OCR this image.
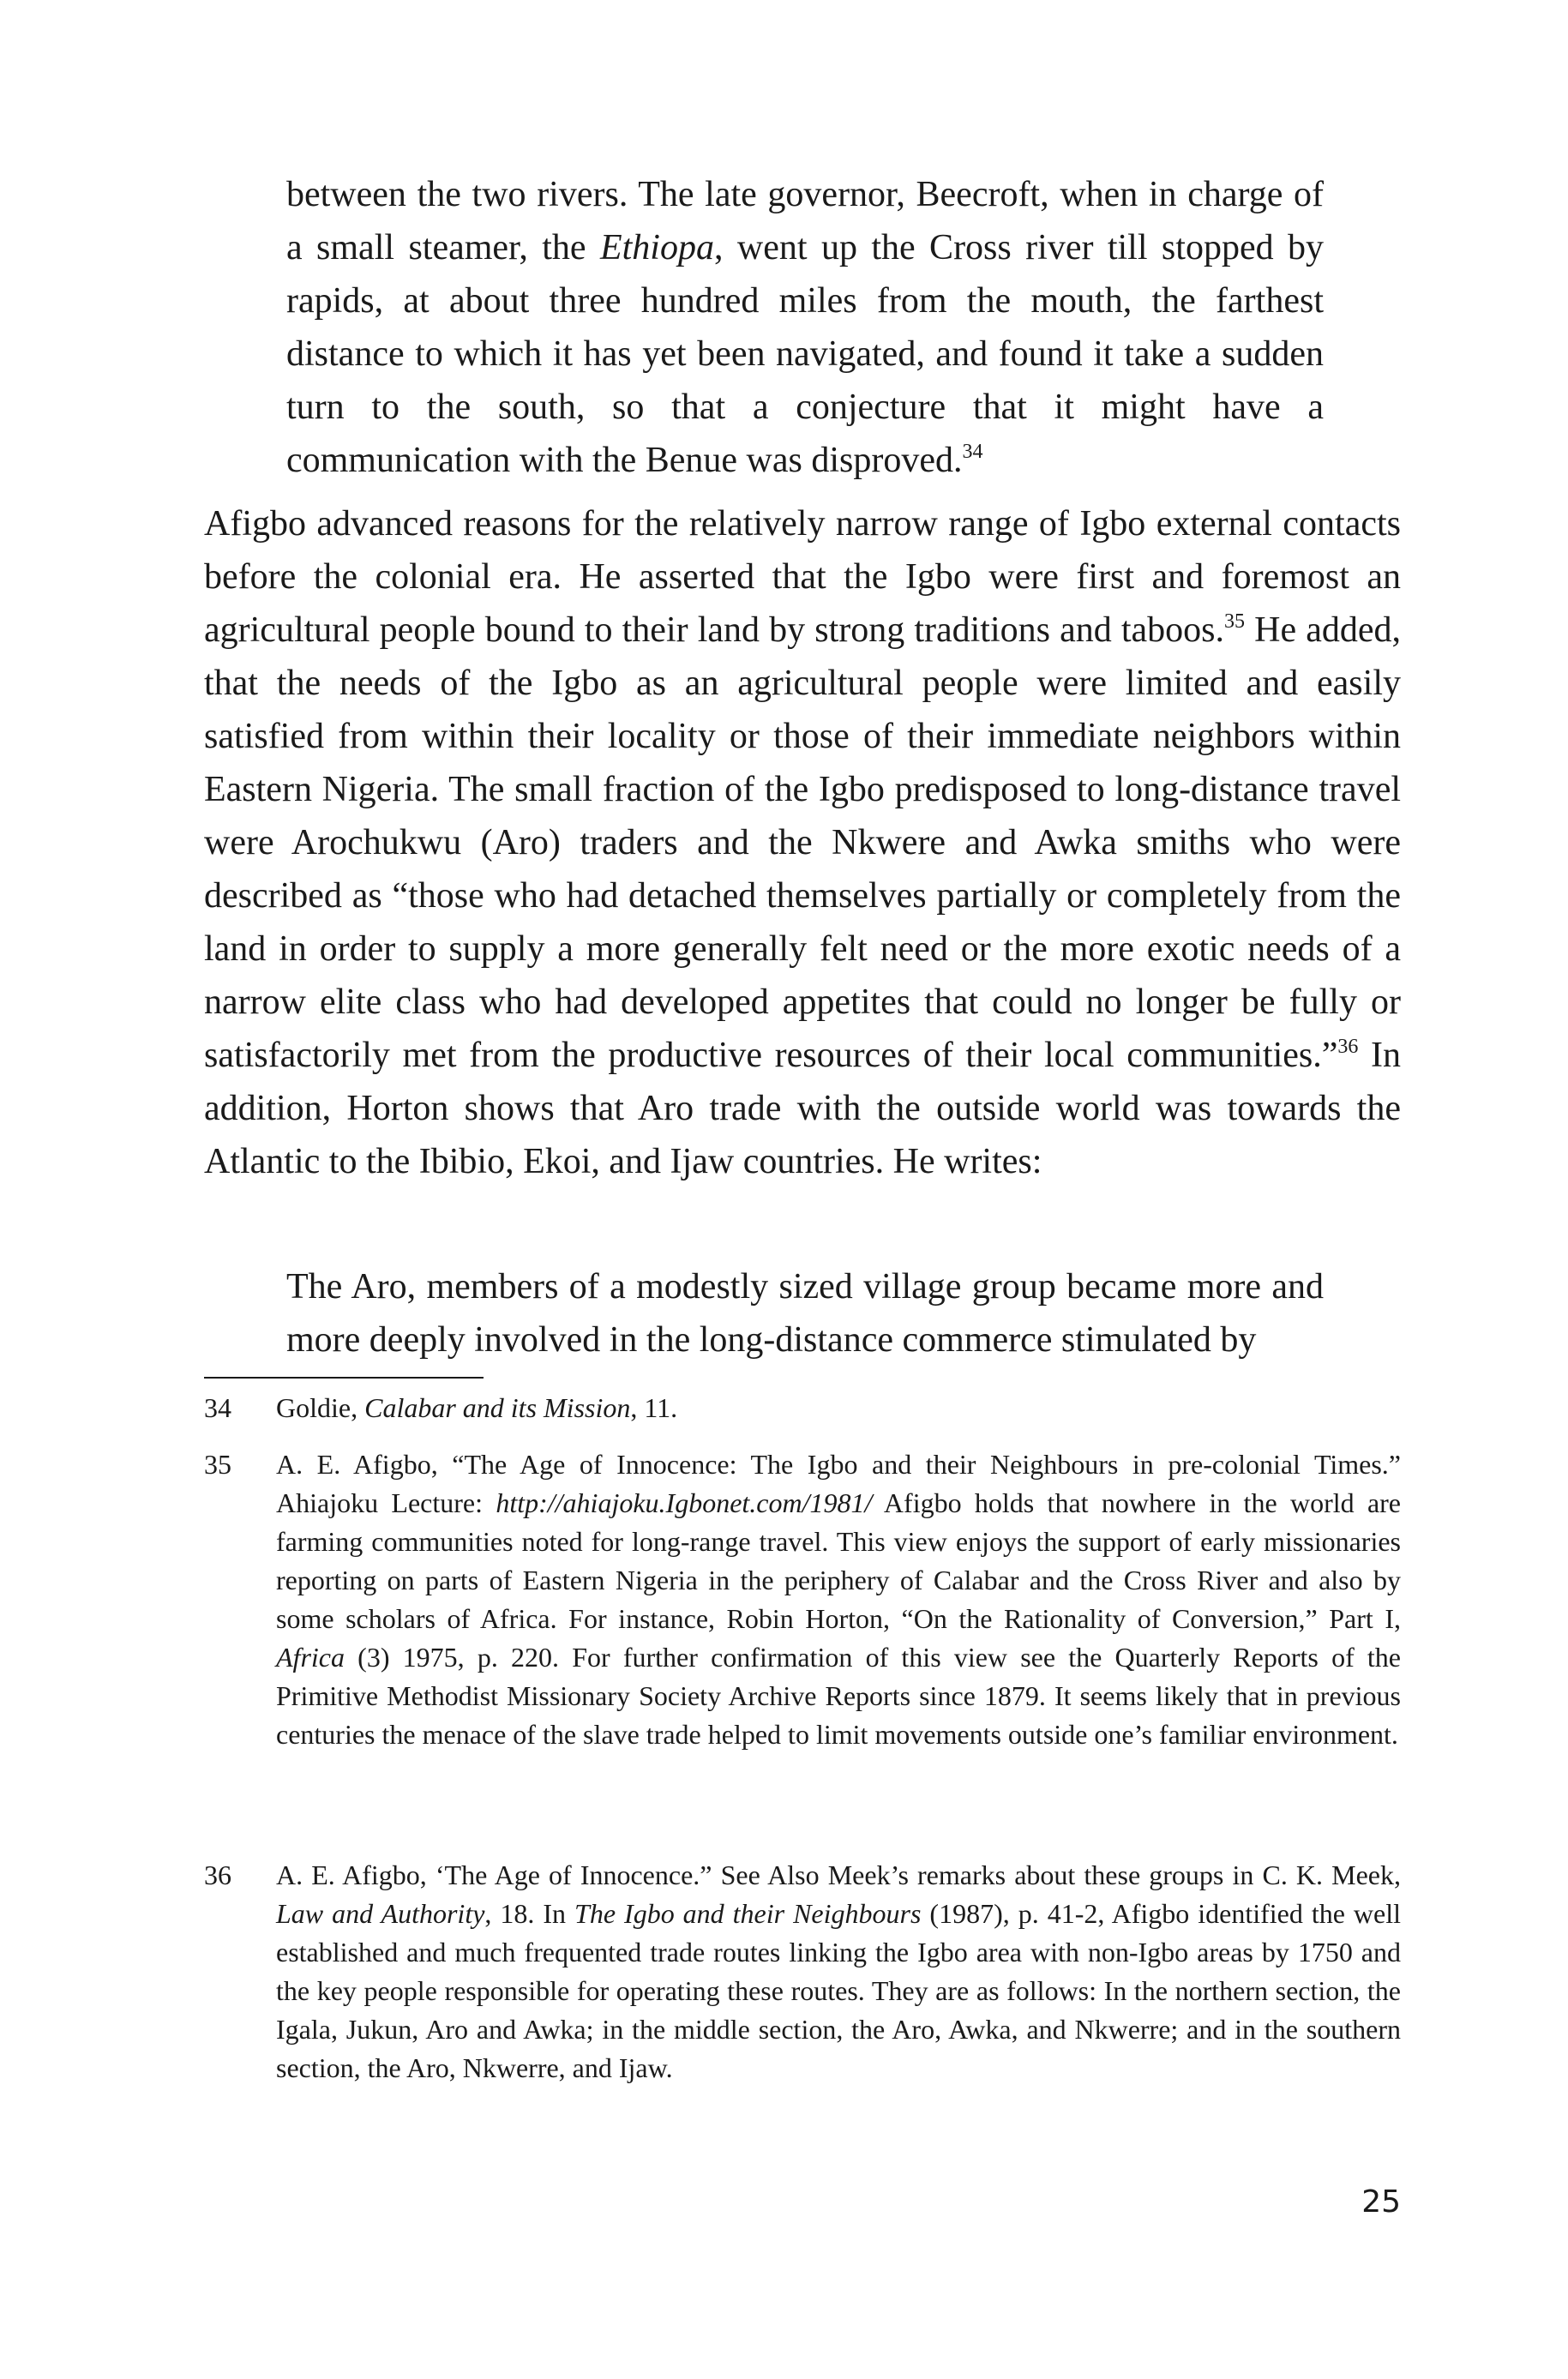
between the two rivers. The late governor, Beecroft, when in charge of a small steamer, the Ethiopa, went up the Cross river till stopped by rapids, at about three hundred miles from the mouth, the farthest distance to which it has yet been navigated, and found it take a sudden turn to the south, so that a conjecture that it might have a communication with the Benue was disproved.$^{34}$

Afigbo advanced reasons for the relatively narrow range of Igbo external contacts before the colonial era. He asserted that the Igbo were first and foremost an agricultural people bound to their land by strong traditions and taboos.$^{35}$ He added, that the needs of the Igbo as an agricultural people were limited and easily satisfied from within their locality or those of their immediate neighbors within Eastern Nigeria. The small fraction of the Igbo predisposed to long-distance travel were Arochukwu (Aro) traders and the Nkwere and Awka smiths who were described as “those who had detached themselves partially or completely from the land in order to supply a more generally felt need or the more exotic needs of a narrow elite class who had developed appetites that could no longer be fully or satisfactorily met from the productive resources of their local communities.”$^{36}$ In addition, Horton shows that Aro trade with the outside world was towards the Atlantic to the Ibibio, Ekoi, and Ijaw countries. He writes:

The Aro, members of a modestly sized village group became more and more deeply involved in the long-distance commerce stimulated by

34	Goldie, Calabar and its Mission, 11.

35	A. E. Afigbo, “The Age of Innocence: The Igbo and their Neighbours in pre-colonial Times.” Ahiajoku Lecture: http://ahiajoku.Igbonet.com/1981/ Afigbo holds that nowhere in the world are farming communities noted for long-range travel. This view enjoys the support of early missionaries reporting on parts of Eastern Nigeria in the periphery of Calabar and the Cross River and also by some scholars of Africa. For instance, Robin Horton, “On the Rationality of Conversion,” Part I, Africa (3) 1975, p. 220. For further confirmation of this view see the Quarterly Reports of the Primitive Methodist Missionary Society Archive Reports since 1879. It seems likely that in previous centuries the menace of the slave trade helped to limit movements outside one’s familiar environment.

36	A. E. Afigbo, ‘The Age of Innocence.” See Also Meek’s remarks about these groups in C. K. Meek, Law and Authority, 18. In The Igbo and their Neighbours (1987), p. 41-2, Afigbo identified the well established and much frequented trade routes linking the Igbo area with non-Igbo areas by 1750 and the key people responsible for operating these routes. They are as follows: In the northern section, the Igala, Jukun, Aro and Awka; in the middle section, the Aro, Awka, and Nkwerre; and in the southern section, the Aro, Nkwerre, and Ijaw.

25
